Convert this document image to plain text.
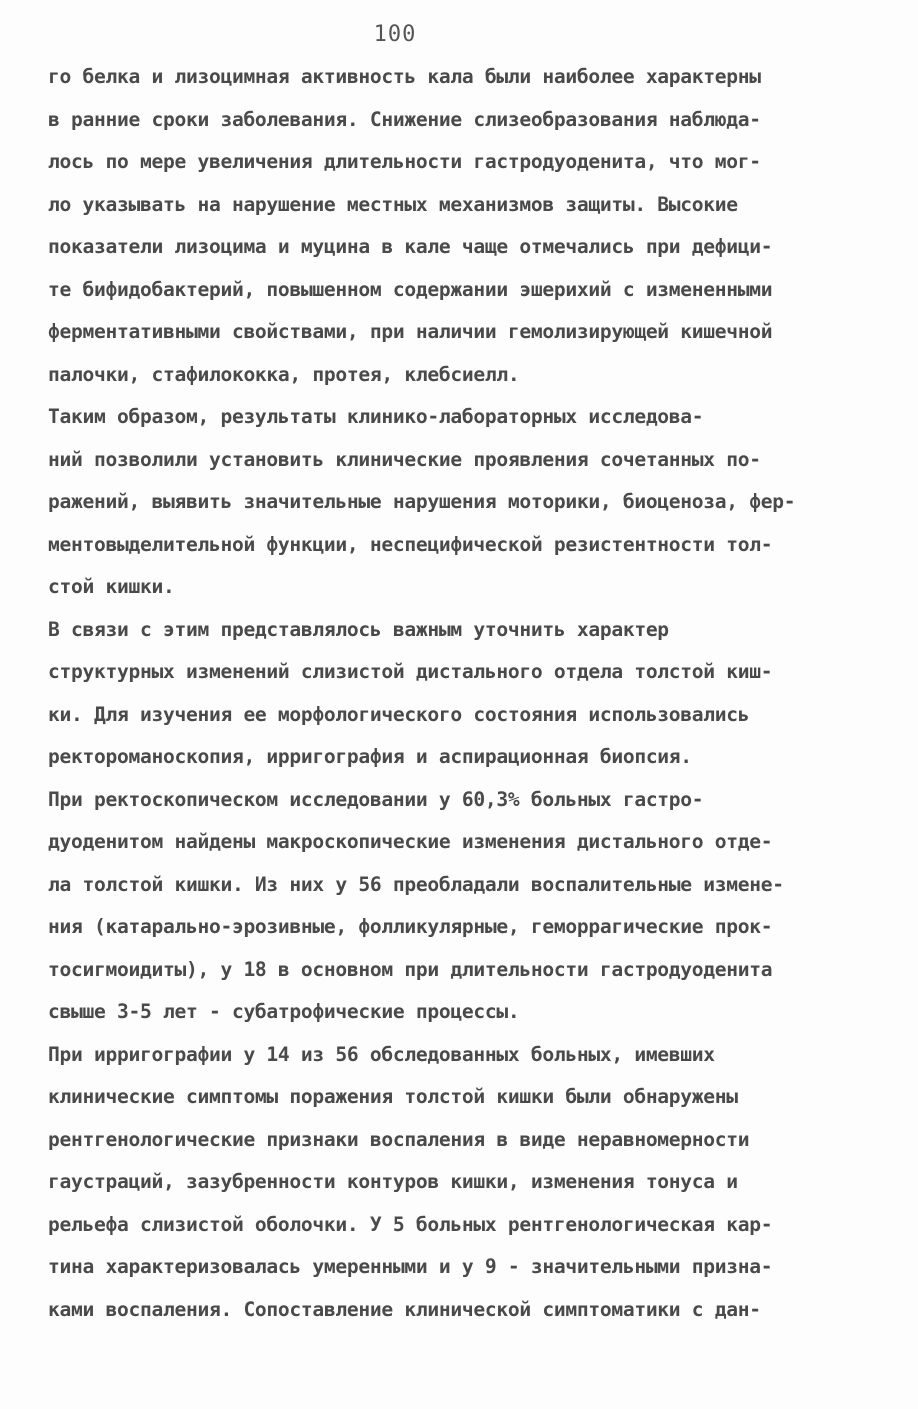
100
го белка и лизоцимная активность кала были наиболее характерны
в ранние сроки заболевания. Снижение слизеобразования наблюда-
лось по мере увеличения длительности гастродуоденита, что мог-
ло указывать на нарушение местных механизмов защиты. Высокие
показатели лизоцима и муцина в кале чаще отмечались при дефици-
те бифидобактерий, повышенном содержании эшерихий с измененными
ферментативными свойствами, при наличии гемолизирующей кишечной
палочки, стафилококка, протея, клебсиелл.
Таким образом, результаты клинико-лабораторных исследова-
ний позволили установить клинические проявления сочетанных по-
ражений, выявить значительные нарушения моторики, биоценоза, фер-
ментовыделительной функции, неспецифической резистентности тол-
стой кишки.
В связи с этим представлялось важным уточнить характер
структурных изменений слизистой дистального отдела толстой киш-
ки. Для изучения ее морфологического состояния использовались
ректороманоскопия, ирригография и аспирационная биопсия.
При ректоскопическом исследовании у 60,3% больных гастро-
дуоденитом найдены макроскопические изменения дистального отде-
ла толстой кишки. Из них у 56 преобладали воспалительные измене-
ния (катарально-эрозивные, фолликулярные, геморрагические прок-
тосигмоидиты), у 18 в основном при длительности гастродуоденита
свыше 3-5 лет - субатрофические процессы.
При ирригографии у 14 из 56 обследованных больных, имевших
клинические симптомы поражения толстой кишки были обнаружены
рентгенологические признаки воспаления в виде неравномерности
гаустраций, зазубренности контуров кишки, изменения тонуса и
рельефа слизистой оболочки. У 5 больных рентгенологическая кар-
тина характеризовалась умеренными и у 9 - значительными призна-
ками воспаления. Сопоставление клинической симптоматики с дан-
